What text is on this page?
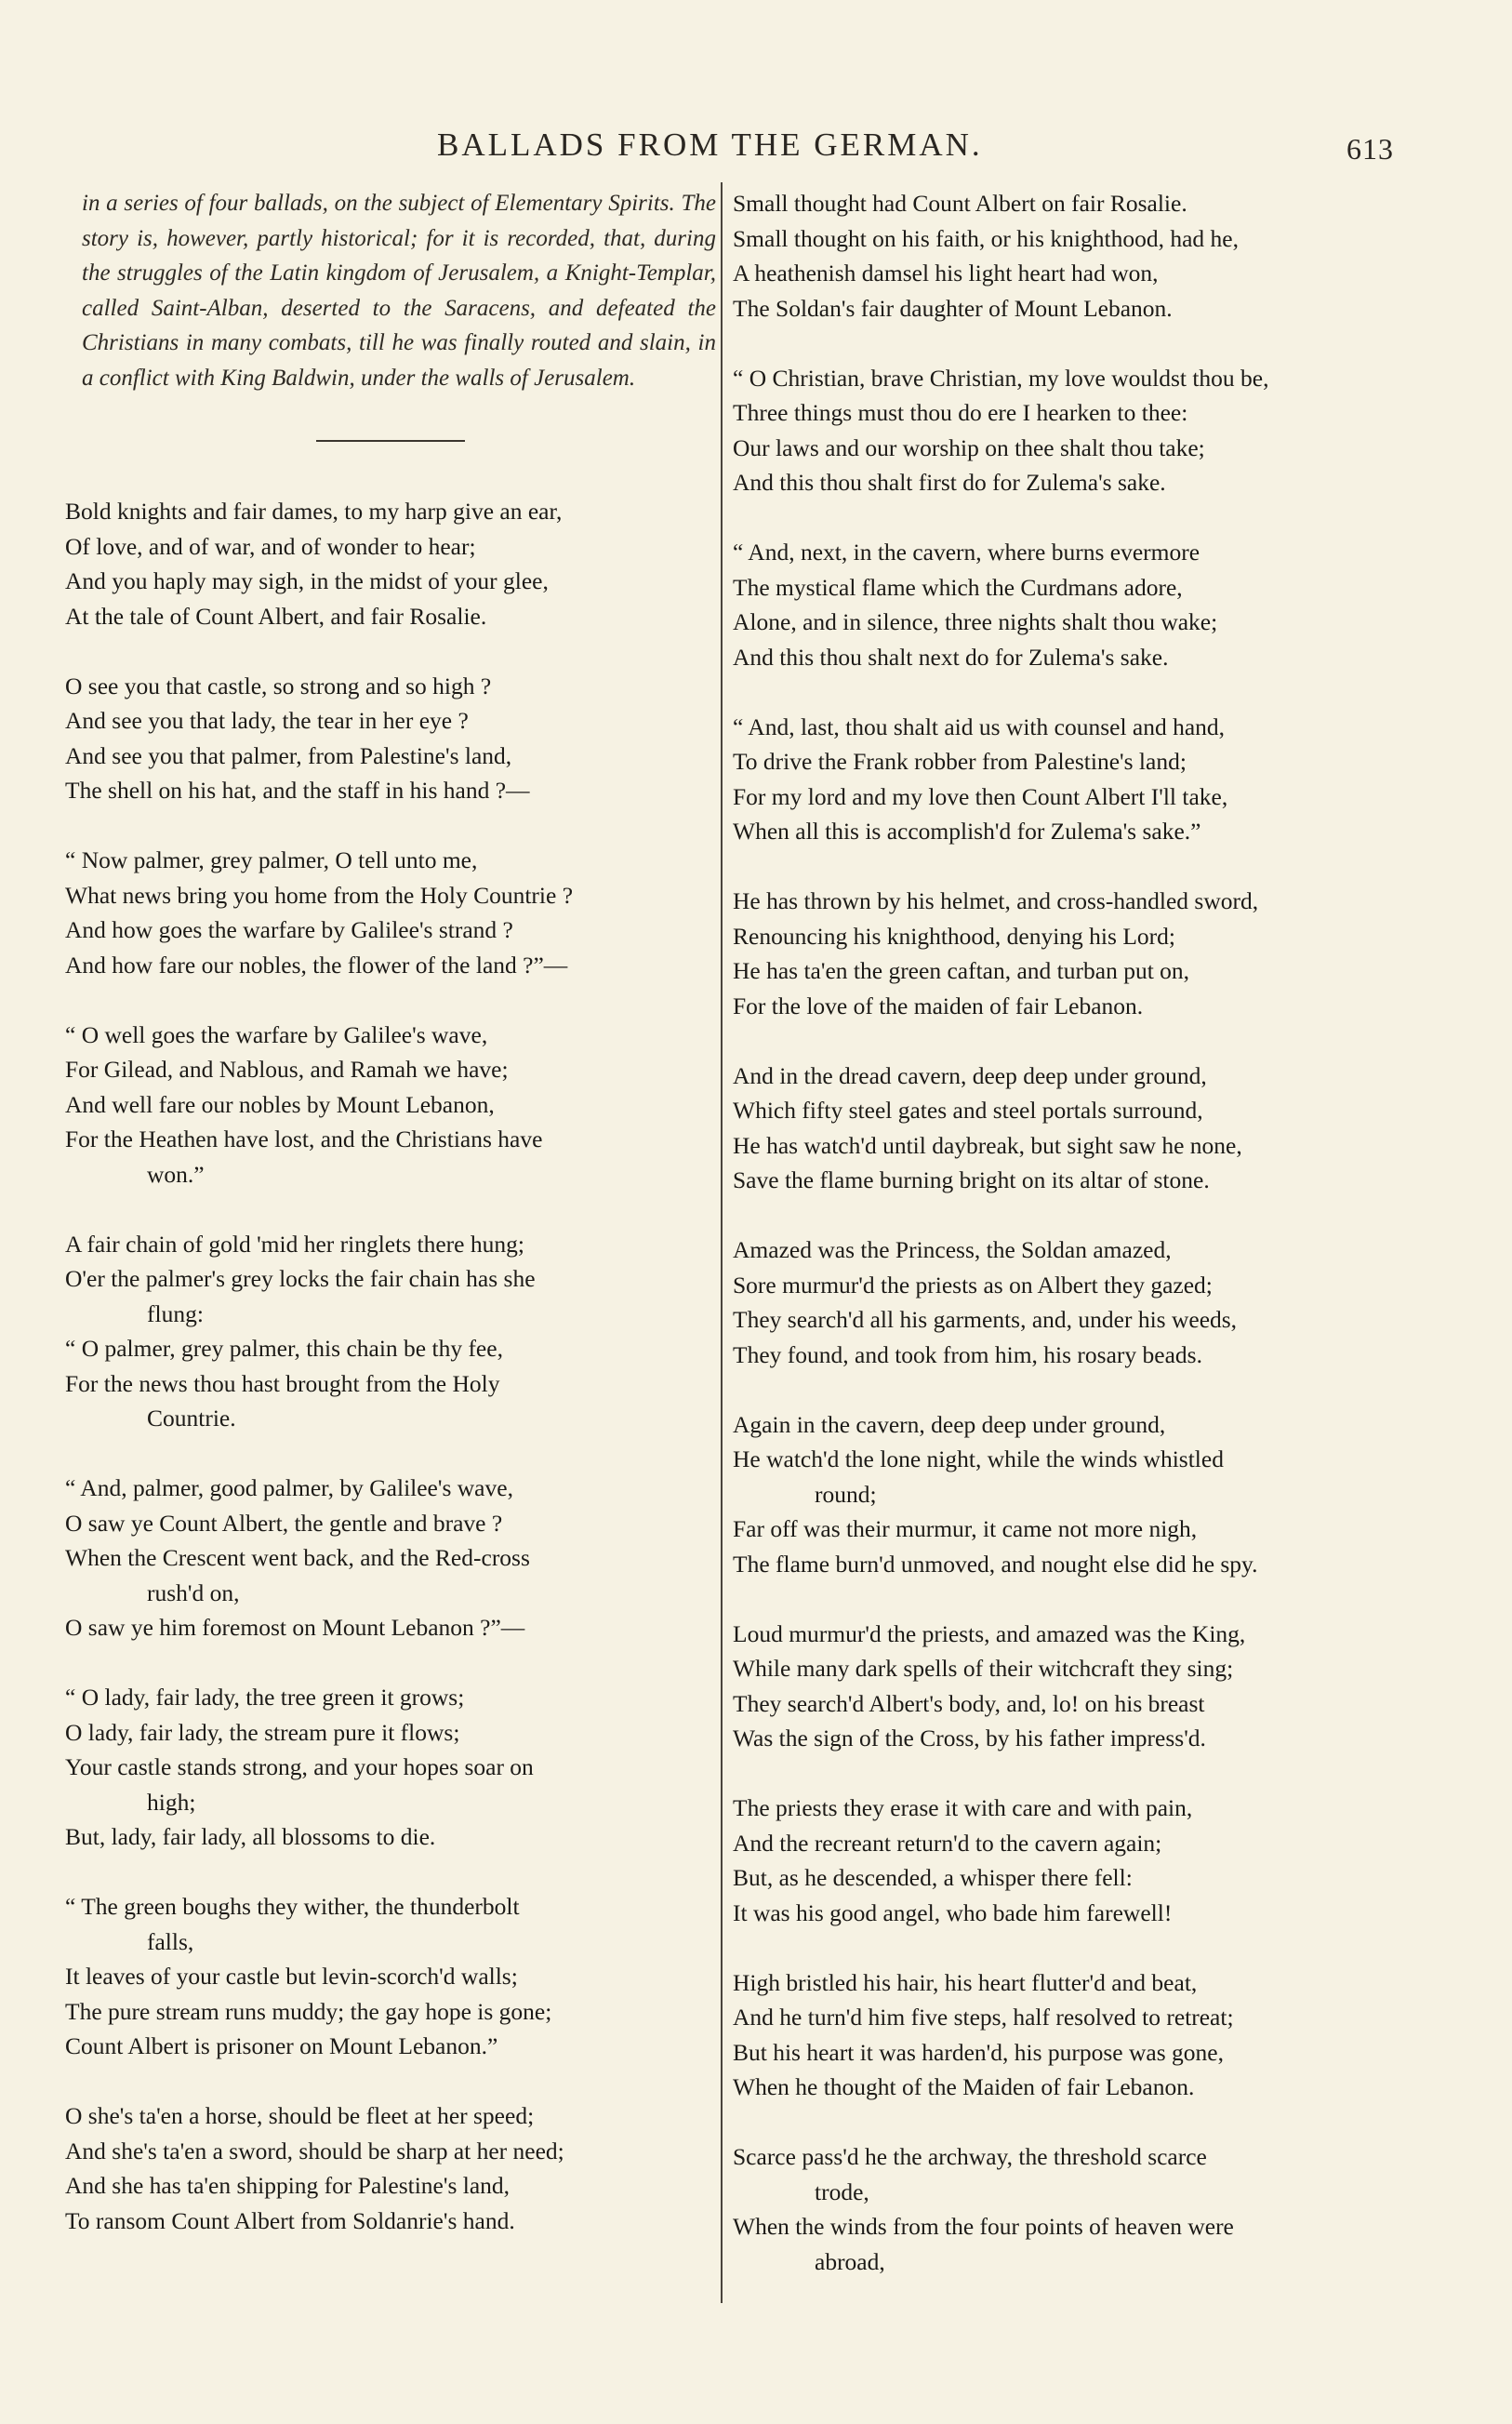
BALLADS FROM THE GERMAN.	613

in a series of four ballads, on the subject of Elementary Spirits. The story is, however, partly historical; for it is recorded, that, during the struggles of the Latin kingdom of Jerusalem, a Knight-Templar, called Saint-Alban, deserted to the Saracens, and defeated the Christians in many combats, till he was finally routed and slain, in a conflict with King Baldwin, under the walls of Jerusalem.

Bold knights and fair dames, to my harp give an ear,
Of love, and of war, and of wonder to hear;
And you haply may sigh, in the midst of your glee,
At the tale of Count Albert, and fair Rosalie.
O see you that castle, so strong and so high ?
And see you that lady, the tear in her eye ?
And see you that palmer, from Palestine's land,
The shell on his hat, and the staff in his hand ?—
“ Now palmer, grey palmer, O tell unto me,
What news bring you home from the Holy Countrie ?
And how goes the warfare by Galilee's strand ?
And how fare our nobles, the flower of the land ?”—
“ O well goes the warfare by Galilee's wave,
For Gilead, and Nablous, and Ramah we have;
And well fare our nobles by Mount Lebanon,
For the Heathen have lost, and the Christians have
won.”
A fair chain of gold 'mid her ringlets there hung;
O'er the palmer's grey locks the fair chain has she
flung:
“ O palmer, grey palmer, this chain be thy fee,
For the news thou hast brought from the Holy
Countrie.
“ And, palmer, good palmer, by Galilee's wave,
O saw ye Count Albert, the gentle and brave ?
When the Crescent went back, and the Red-cross
rush'd on,
O saw ye him foremost on Mount Lebanon ?”—
“ O lady, fair lady, the tree green it grows;
O lady, fair lady, the stream pure it flows;
Your castle stands strong, and your hopes soar on
high;
But, lady, fair lady, all blossoms to die.
“ The green boughs they wither, the thunderbolt
falls,
It leaves of your castle but levin-scorch'd walls;
The pure stream runs muddy; the gay hope is gone;
Count Albert is prisoner on Mount Lebanon.”
O she's ta'en a horse, should be fleet at her speed;
And she's ta'en a sword, should be sharp at her need;
And she has ta'en shipping for Palestine's land,
To ransom Count Albert from Soldanrie's hand.
Small thought had Count Albert on fair Rosalie.
Small thought on his faith, or his knighthood, had he,
A heathenish damsel his light heart had won,
The Soldan's fair daughter of Mount Lebanon.
“ O Christian, brave Christian, my love wouldst thou be,
Three things must thou do ere I hearken to thee:
Our laws and our worship on thee shalt thou take;
And this thou shalt first do for Zulema's sake.
“ And, next, in the cavern, where burns evermore
The mystical flame which the Curdmans adore,
Alone, and in silence, three nights shalt thou wake;
And this thou shalt next do for Zulema's sake.
“ And, last, thou shalt aid us with counsel and hand,
To drive the Frank robber from Palestine's land;
For my lord and my love then Count Albert I'll take,
When all this is accomplish'd for Zulema's sake.”
He has thrown by his helmet, and cross-handled sword,
Renouncing his knighthood, denying his Lord;
He has ta'en the green caftan, and turban put on,
For the love of the maiden of fair Lebanon.
And in the dread cavern, deep deep under ground,
Which fifty steel gates and steel portals surround,
He has watch'd until daybreak, but sight saw he none,
Save the flame burning bright on its altar of stone.
Amazed was the Princess, the Soldan amazed,
Sore murmur'd the priests as on Albert they gazed;
They search'd all his garments, and, under his weeds,
They found, and took from him, his rosary beads.
Again in the cavern, deep deep under ground,
He watch'd the lone night, while the winds whistled
round;
Far off was their murmur, it came not more nigh,
The flame burn'd unmoved, and nought else did he spy.
Loud murmur'd the priests, and amazed was the King,
While many dark spells of their witchcraft they sing;
They search'd Albert's body, and, lo! on his breast
Was the sign of the Cross, by his father impress'd.
The priests they erase it with care and with pain,
And the recreant return'd to the cavern again;
But, as he descended, a whisper there fell:
It was his good angel, who bade him farewell!
High bristled his hair, his heart flutter'd and beat,
And he turn'd him five steps, half resolved to retreat;
But his heart it was harden'd, his purpose was gone,
When he thought of the Maiden of fair Lebanon.
Scarce pass'd he the archway, the threshold scarce
trode,
When the winds from the four points of heaven were
abroad,
